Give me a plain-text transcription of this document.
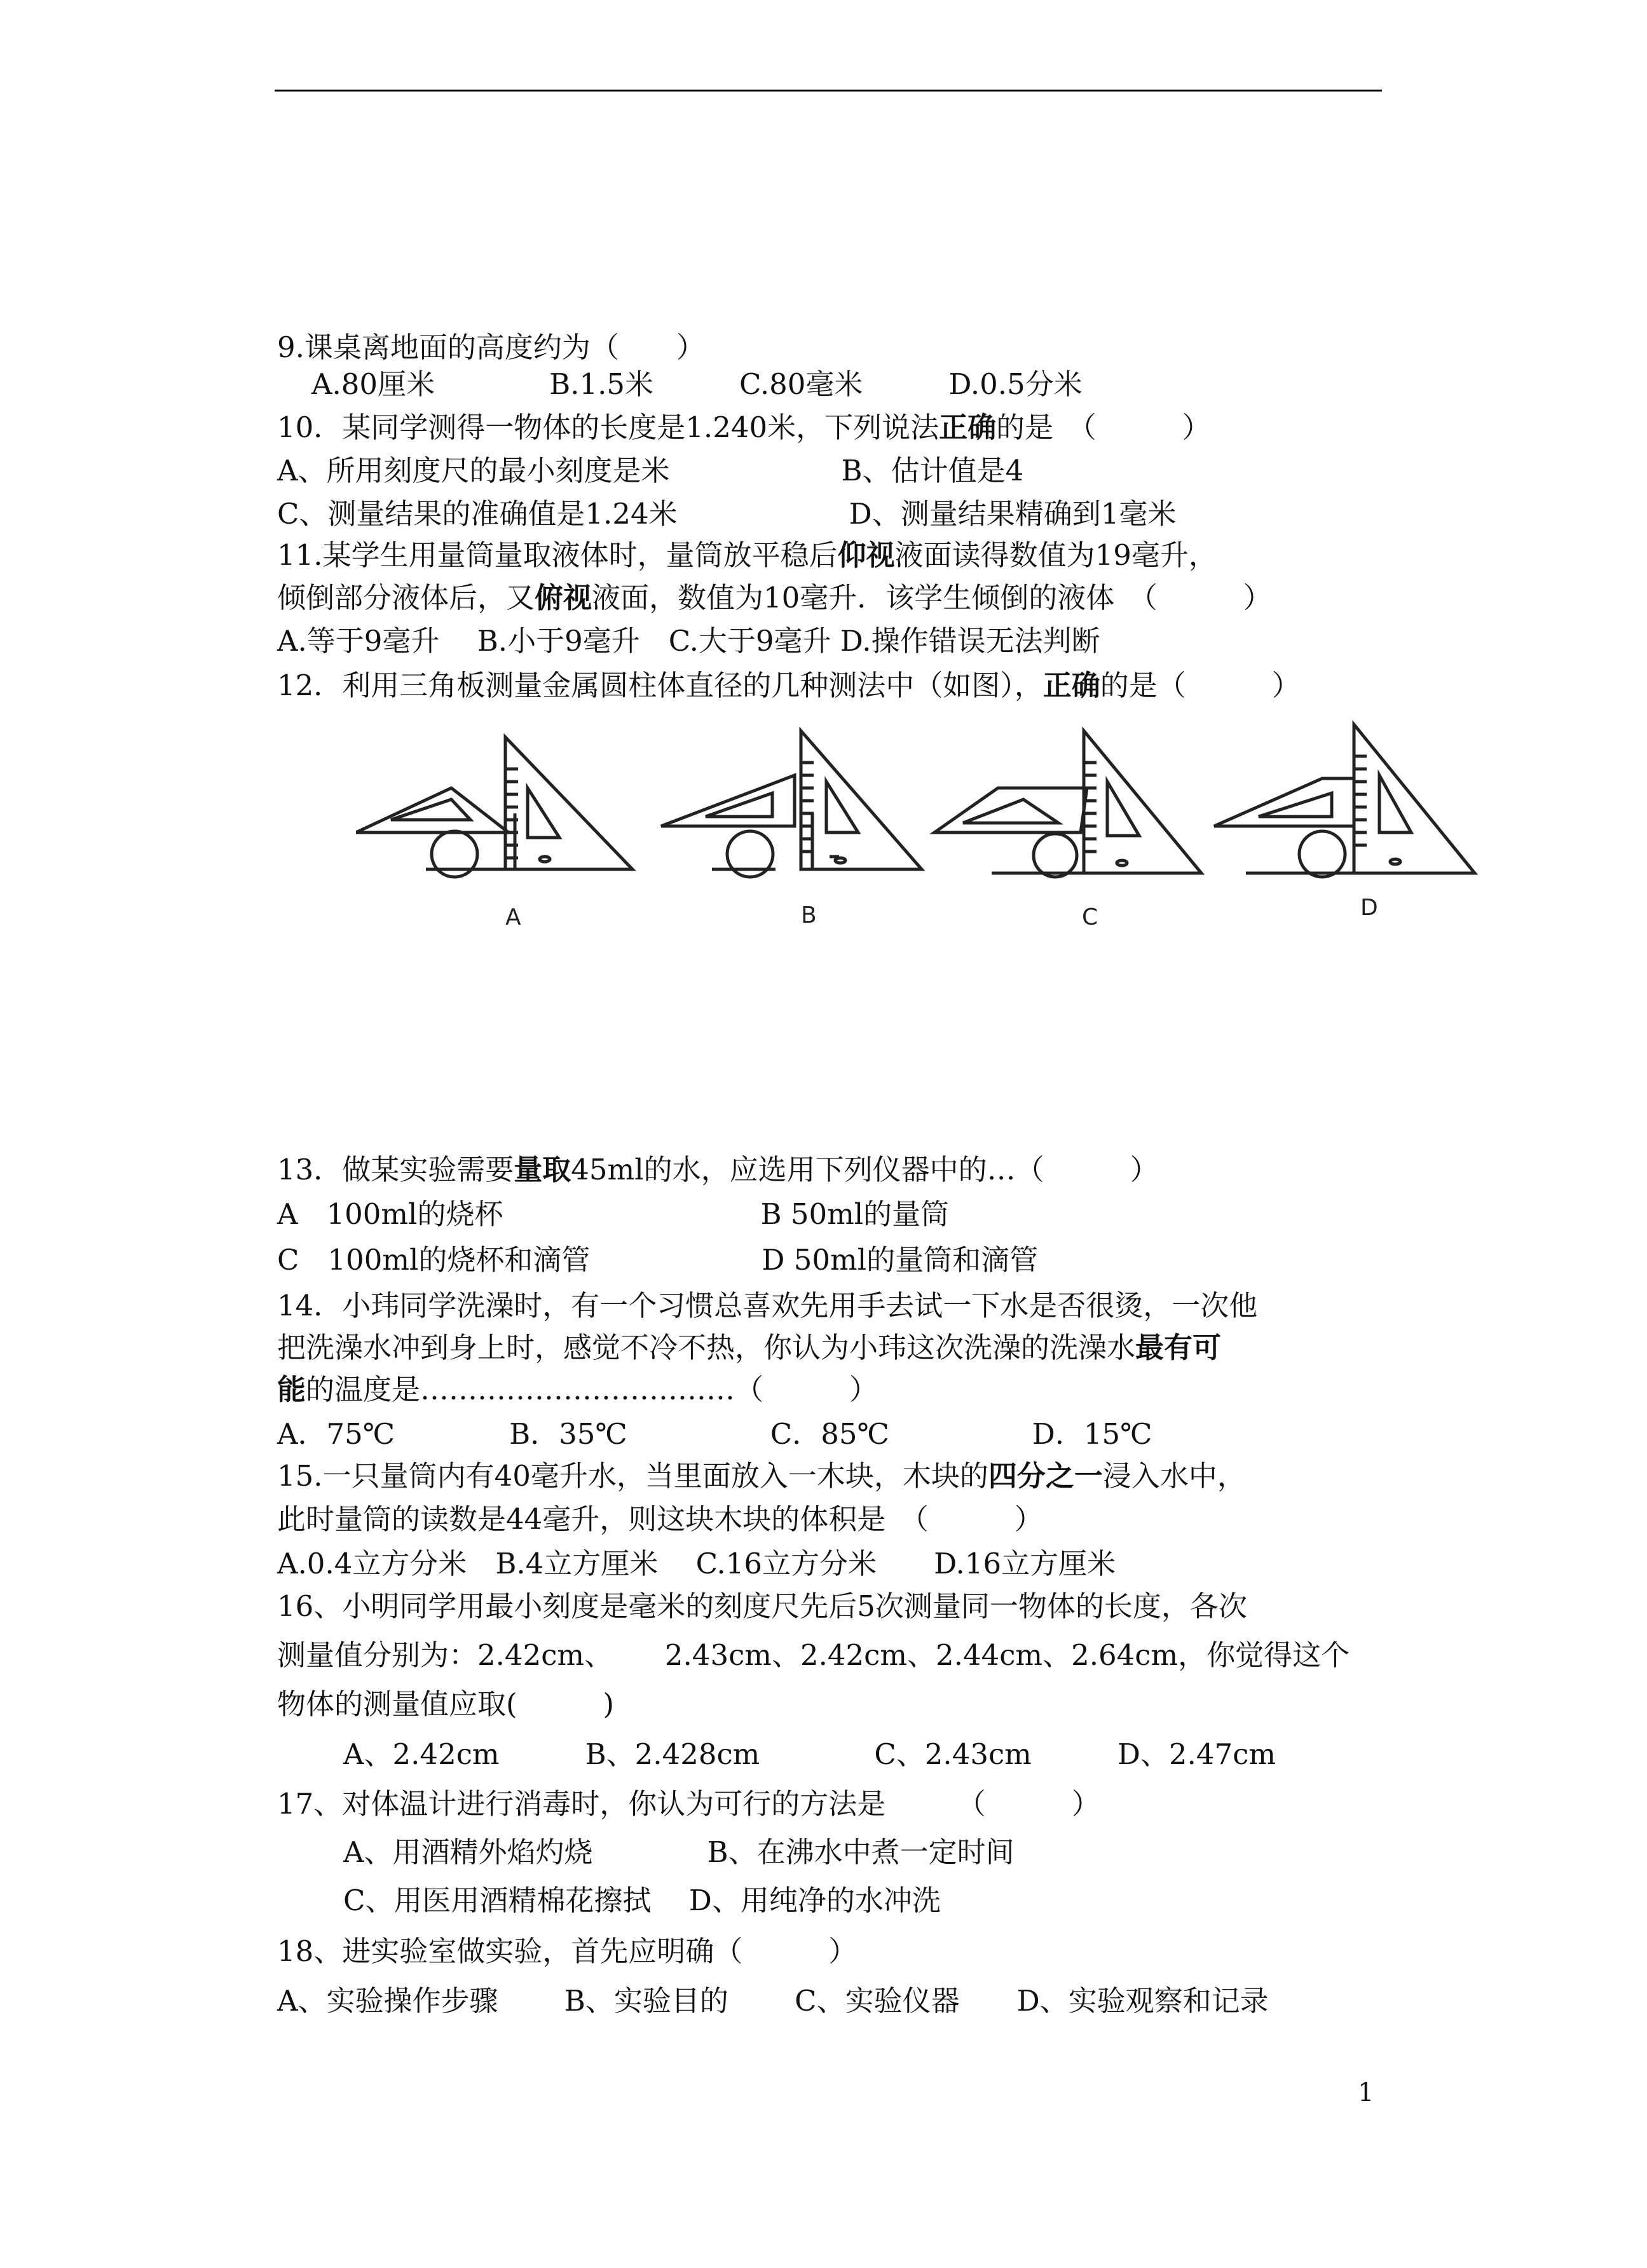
9.课桌离地面的高度约为（　　）
A.80厘米　　　　B.1.5米　　　C.80毫米　　　D.0.5分米
10．某同学测得一物体的长度是1.240米，下列说法正确的是　（　　　）
A、所用刻度尺的最小刻度是米　　　　　　B、估计值是4
C、测量结果的准确值是1.24米　　　　　　D、测量结果精确到1毫米
11.某学生用量筒量取液体时，量筒放平稳后仰视液面读得数值为19毫升，
倾倒部分液体后，又俯视液面，数值为10毫升．该学生倾倒的液体　（　　　）
A.等于9毫升　 B.小于9毫升　C.大于9毫升 D.操作错误无法判断
12．利用三角板测量金属圆柱体直径的几种测法中（如图），正确的是（　　　）
A	B	C	D
13．做某实验需要量取45ml的水，应选用下列仪器中的…（　　　）
A　100ml的烧杯　　　　　　　　　B 50ml的量筒
C　100ml的烧杯和滴管　　　　　　D 50ml的量筒和滴管
14．小玮同学洗澡时，有一个习惯总喜欢先用手去试一下水是否很烫，一次他
把洗澡水冲到身上时，感觉不冷不热，你认为小玮这次洗澡的洗澡水最有可
能的温度是……………………………（　　　）
A．75℃　　　　B．35℃　　　　　C．85℃　　　　　D．15℃
15.一只量筒内有40毫升水，当里面放入一木块，木块的四分之一浸入水中，
此时量筒的读数是44毫升，则这块木块的体积是　（　　　）
A.0.4立方分米　B.4立方厘米　 C.16立方分米　　D.16立方厘米
16、小明同学用最小刻度是毫米的刻度尺先后5次测量同一物体的长度，各次
测量值分别为：2.42cm、　　 2.43cm、2.42cm、2.44cm、2.64cm，你觉得这个
物体的测量值应取(　　　)
A、2.42cm　　　B、2.428cm　　　　C、2.43cm　　　D、2.47cm
17、对体温计进行消毒时，你认为可行的方法是　　　（　　　）
A、用酒精外焰灼烧　　　　B、在沸水中煮一定时间
C、用医用酒精棉花擦拭　 D、用纯净的水冲洗
18、进实验室做实验，首先应明确（　　　）
A、实验操作步骤　　 B、实验目的　　 C、实验仪器　　D、实验观察和记录
1
